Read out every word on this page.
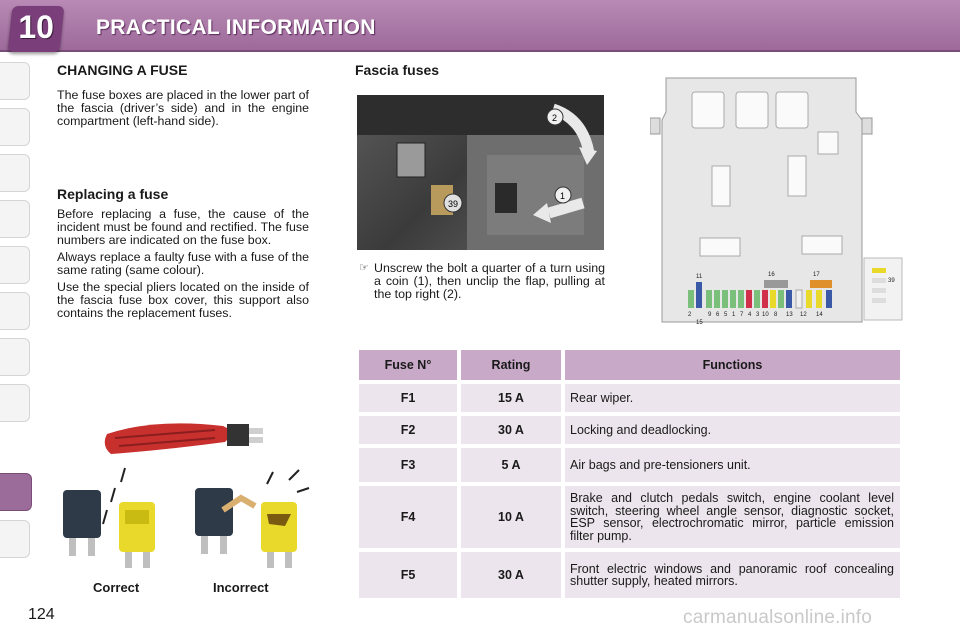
10	PRACTICAL INFORMATION
CHANGING A FUSE

The fuse boxes are placed in the lower part of the fascia (driver’s side) and in the engine compartment (left-hand side).

Replacing a fuse

Before replacing a fuse, the cause of the incident must be found and rectified. The fuse numbers are indicated on the fuse box.

Always replace a faulty fuse with a fuse of the same rating (same colour).

Use the special pliers located on the inside of the fascia fuse box cover, this support also contains the replacement fuses.

Correct	Incorrect
Fascia fuses
39
2
1
☞ Unscrew the bolt a quarter of a turn using a coin (1), then unclip the flap, pulling at the top right (2).
11	16	17
2	9 6 5 1 7 4 3 10 8 13 12 14
15
39
Fuse N°	Rating	Functions
F1	15 A	Rear wiper.
F2	30 A	Locking and deadlocking.
F3	5 A	Air bags and pre-tensioners unit.
F4	10 A	Brake and clutch pedals switch, engine coolant level switch, steering wheel angle sensor, diagnostic socket, ESP sensor, electrochromatic mirror, particle emission filter pump.
F5	30 A	Front electric windows and panoramic roof concealing shutter supply, heated mirrors.
124	carmanualsonline.info
